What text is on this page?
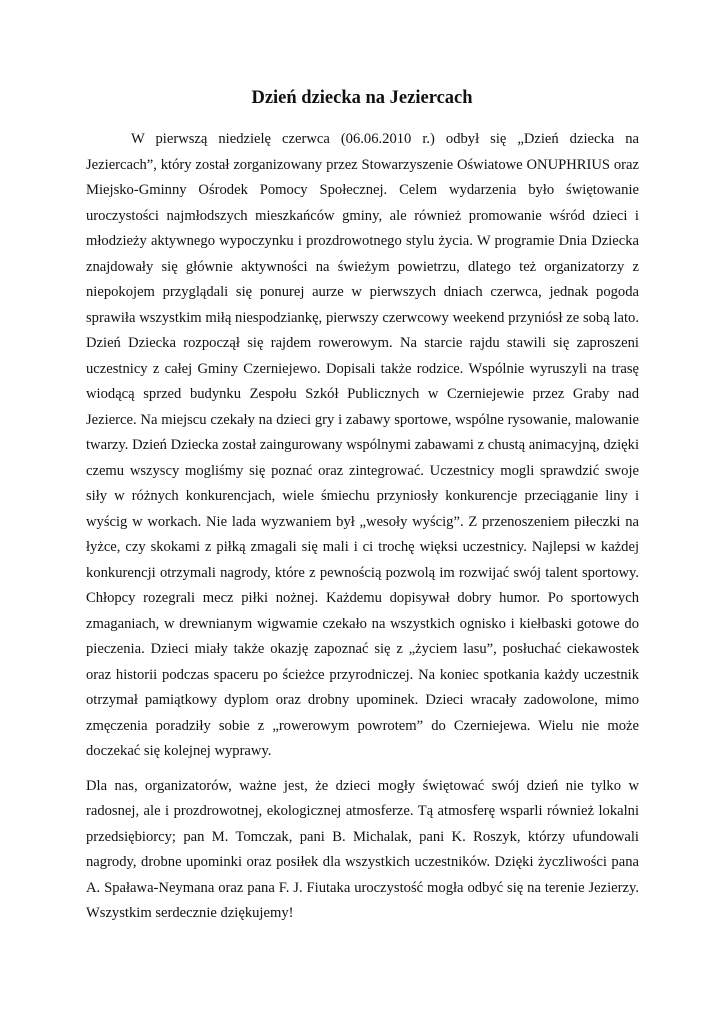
Dzień dziecka na Jeziercach

W pierwszą niedzielę czerwca (06.06.2010 r.) odbył się „Dzień dziecka na Jeziercach”, który został zorganizowany przez Stowarzyszenie Oświatowe ONUPHRIUS oraz Miejsko-Gminny Ośrodek Pomocy Społecznej. Celem wydarzenia było świętowanie uroczystości najmłodszych mieszkańców gminy, ale również promowanie wśród dzieci i młodzieży aktywnego wypoczynku i prozdrowotnego stylu życia. W programie Dnia Dziecka znajdowały się głównie aktywności na świeżym powietrzu, dlatego też organizatorzy z niepokojem przyglądali się ponurej aurze w pierwszych dniach czerwca, jednak pogoda sprawiła wszystkim miłą niespodziankę, pierwszy czerwcowy weekend przyniósł ze sobą lato. Dzień Dziecka rozpoczął się rajdem rowerowym. Na starcie rajdu stawili się zaproszeni uczestnicy z całej Gminy Czerniejewo. Dopisali także rodzice. Wspólnie wyruszyli na trasę wiodącą sprzed budynku Zespołu Szkół Publicznych w Czerniejewie przez Graby nad Jezierce. Na miejscu czekały na dzieci gry i zabawy sportowe, wspólne rysowanie, malowanie twarzy. Dzień Dziecka został zaingurowany wspólnymi zabawami z chustą animacyjną, dzięki czemu wszyscy mogliśmy się poznać oraz zintegrować. Uczestnicy mogli sprawdzić swoje siły w różnych konkurencjach, wiele śmiechu przyniosły konkurencje przeciąganie liny i wyścig w workach. Nie lada wyzwaniem był „wesoły wyścig”. Z przenoszeniem piłeczki na łyżce, czy skokami z piłką zmagali się mali i ci trochę więksi uczestnicy. Najlepsi w każdej konkurencji otrzymali nagrody, które z pewnością pozwolą im rozwijać swój talent sportowy. Chłopcy rozegrali mecz piłki nożnej. Każdemu dopisywał dobry humor. Po sportowych zmaganiach, w drewnianym wigwamie czekało na wszystkich ognisko i kiełbaski gotowe do pieczenia. Dzieci miały także okazję zapoznać się z „życiem lasu”, posłuchać ciekawostek oraz historii podczas spaceru po ścieżce przyrodniczej. Na koniec spotkania każdy uczestnik otrzymał pamiątkowy dyplom oraz drobny upominek. Dzieci wracały zadowolone, mimo zmęczenia poradziły sobie z „rowerowym powrotem” do Czerniejewa. Wielu nie może doczekać się kolejnej wyprawy.

Dla nas, organizatorów, ważne jest, że dzieci mogły świętować swój dzień nie tylko w radosnej, ale i prozdrowotnej, ekologicznej atmosferze. Tą atmosferę wsparli również lokalni przedsiębiorcy; pan M. Tomczak, pani B. Michalak, pani K. Roszyk, którzy ufundowali nagrody, drobne upominki oraz posiłek dla wszystkich uczestników. Dzięki życzliwości pana A. Spaława-Neymana oraz pana F. J. Fiutaka uroczystość mogła odbyć się na terenie Jezierzy. Wszystkim serdecznie dziękujemy!
